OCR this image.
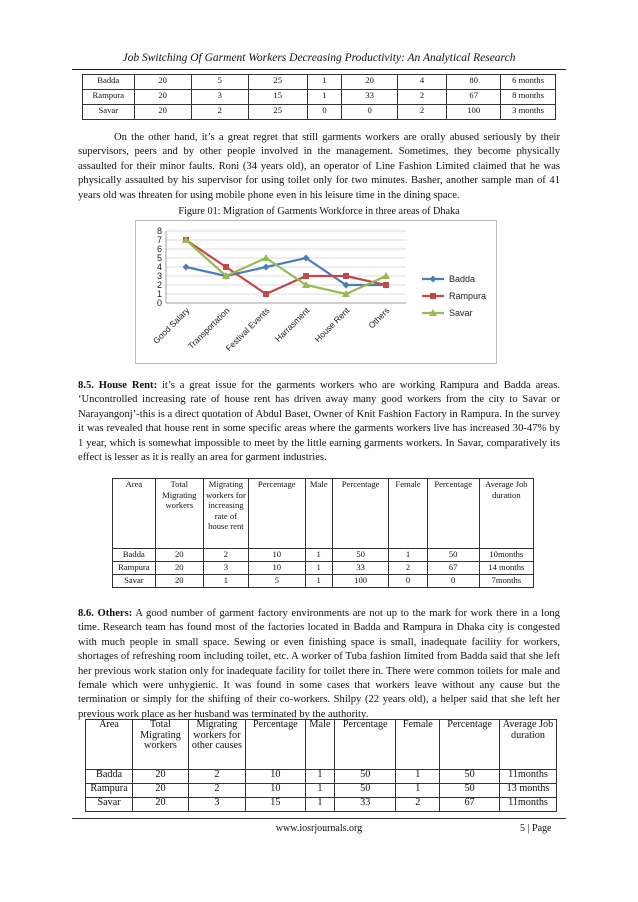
Job Switching Of Garment Workers Decreasing Productivity: An Analytical Research
Badda	20	5	25	1	20	4	80	6 months
Rampura	20	3	15	1	33	2	67	8 months
Savar	20	2	25	0	0	2	100	3 months

On the other hand, it’s a great regret that still garments workers are orally abused seriously by their supervisors, peers and by other people involved in the management. Sometimes, they become physically assaulted for their minor faults. Roni (34 years old), an operator of Line Fashion Limited claimed that he was physically assaulted by his supervisor for using toilet only for two minutes. Basher, another sample man of 41 years old was threaten for using mobile phone even in his leisure time in the dining space.

Figure 01: Migration of Garments Workforce in three areas of Dhaka
0
1
2
3
4
5
6
7
8
Good Salary
Transportation
Festival Events Harrasment House Rent Others
Badda
Rampura
Savar

8.5. House Rent: it’s a great issue for the garments workers who are working Rampura and Badda areas. ‘Uncontrolled increasing rate of house rent has driven away many good workers from the city to Savar or Narayangonj’-this is a direct quotation of Abdul Baset, Owner of Knit Fashion Factory in Rampura. In the survey it was revealed that house rent in some specific areas where the garments workers live has increased 30-47% by 1 year, which is somewhat impossible to meet by the little earning garments workers. In Savar, comparatively its effect is lesser as it is really an area for garment industries.

Area	Total Migrating workers	Migrating workers for increasing rate of house rent	Percentage	Male	Percentage	Female	Percentage	Average Job duration
Badda	20	2	10	1	50	1	50	10months
Rampura	20	3	10	1	33	2	67	14 months
Savar	20	1	5	1	100	0	0	7months

8.6. Others: A good number of garment factory environments are not up to the mark for work there in a long time. Research team has found most of the factories located in Badda and Rampura in Dhaka city is congested with much people in small space. Sewing or even finishing space is small, inadequate facility for workers, shortages of refreshing room including toilet, etc. A worker of Tuba fashion limited from Badda said that she left her previous work station only for inadequate facility for toilet there in. There were common toilets for male and female which were unhygienic. It was found in some cases that workers leave without any cause but the termination or simply for the shifting of their co-workers. Shilpy (22 years old), a helper said that she left her previous work place as her husband was terminated by the authority.

Area	Total Migrating workers	Migrating workers for other causes	Percentage	Male	Percentage	Female	Percentage	Average Job duration
Badda	20	2	10	1	50	1	50	11months
Rampura	20	2	10	1	50	1	50	13 months
Savar	20	3	15	1	33	2	67	11months
www.iosrjournals.org	5 | Page
